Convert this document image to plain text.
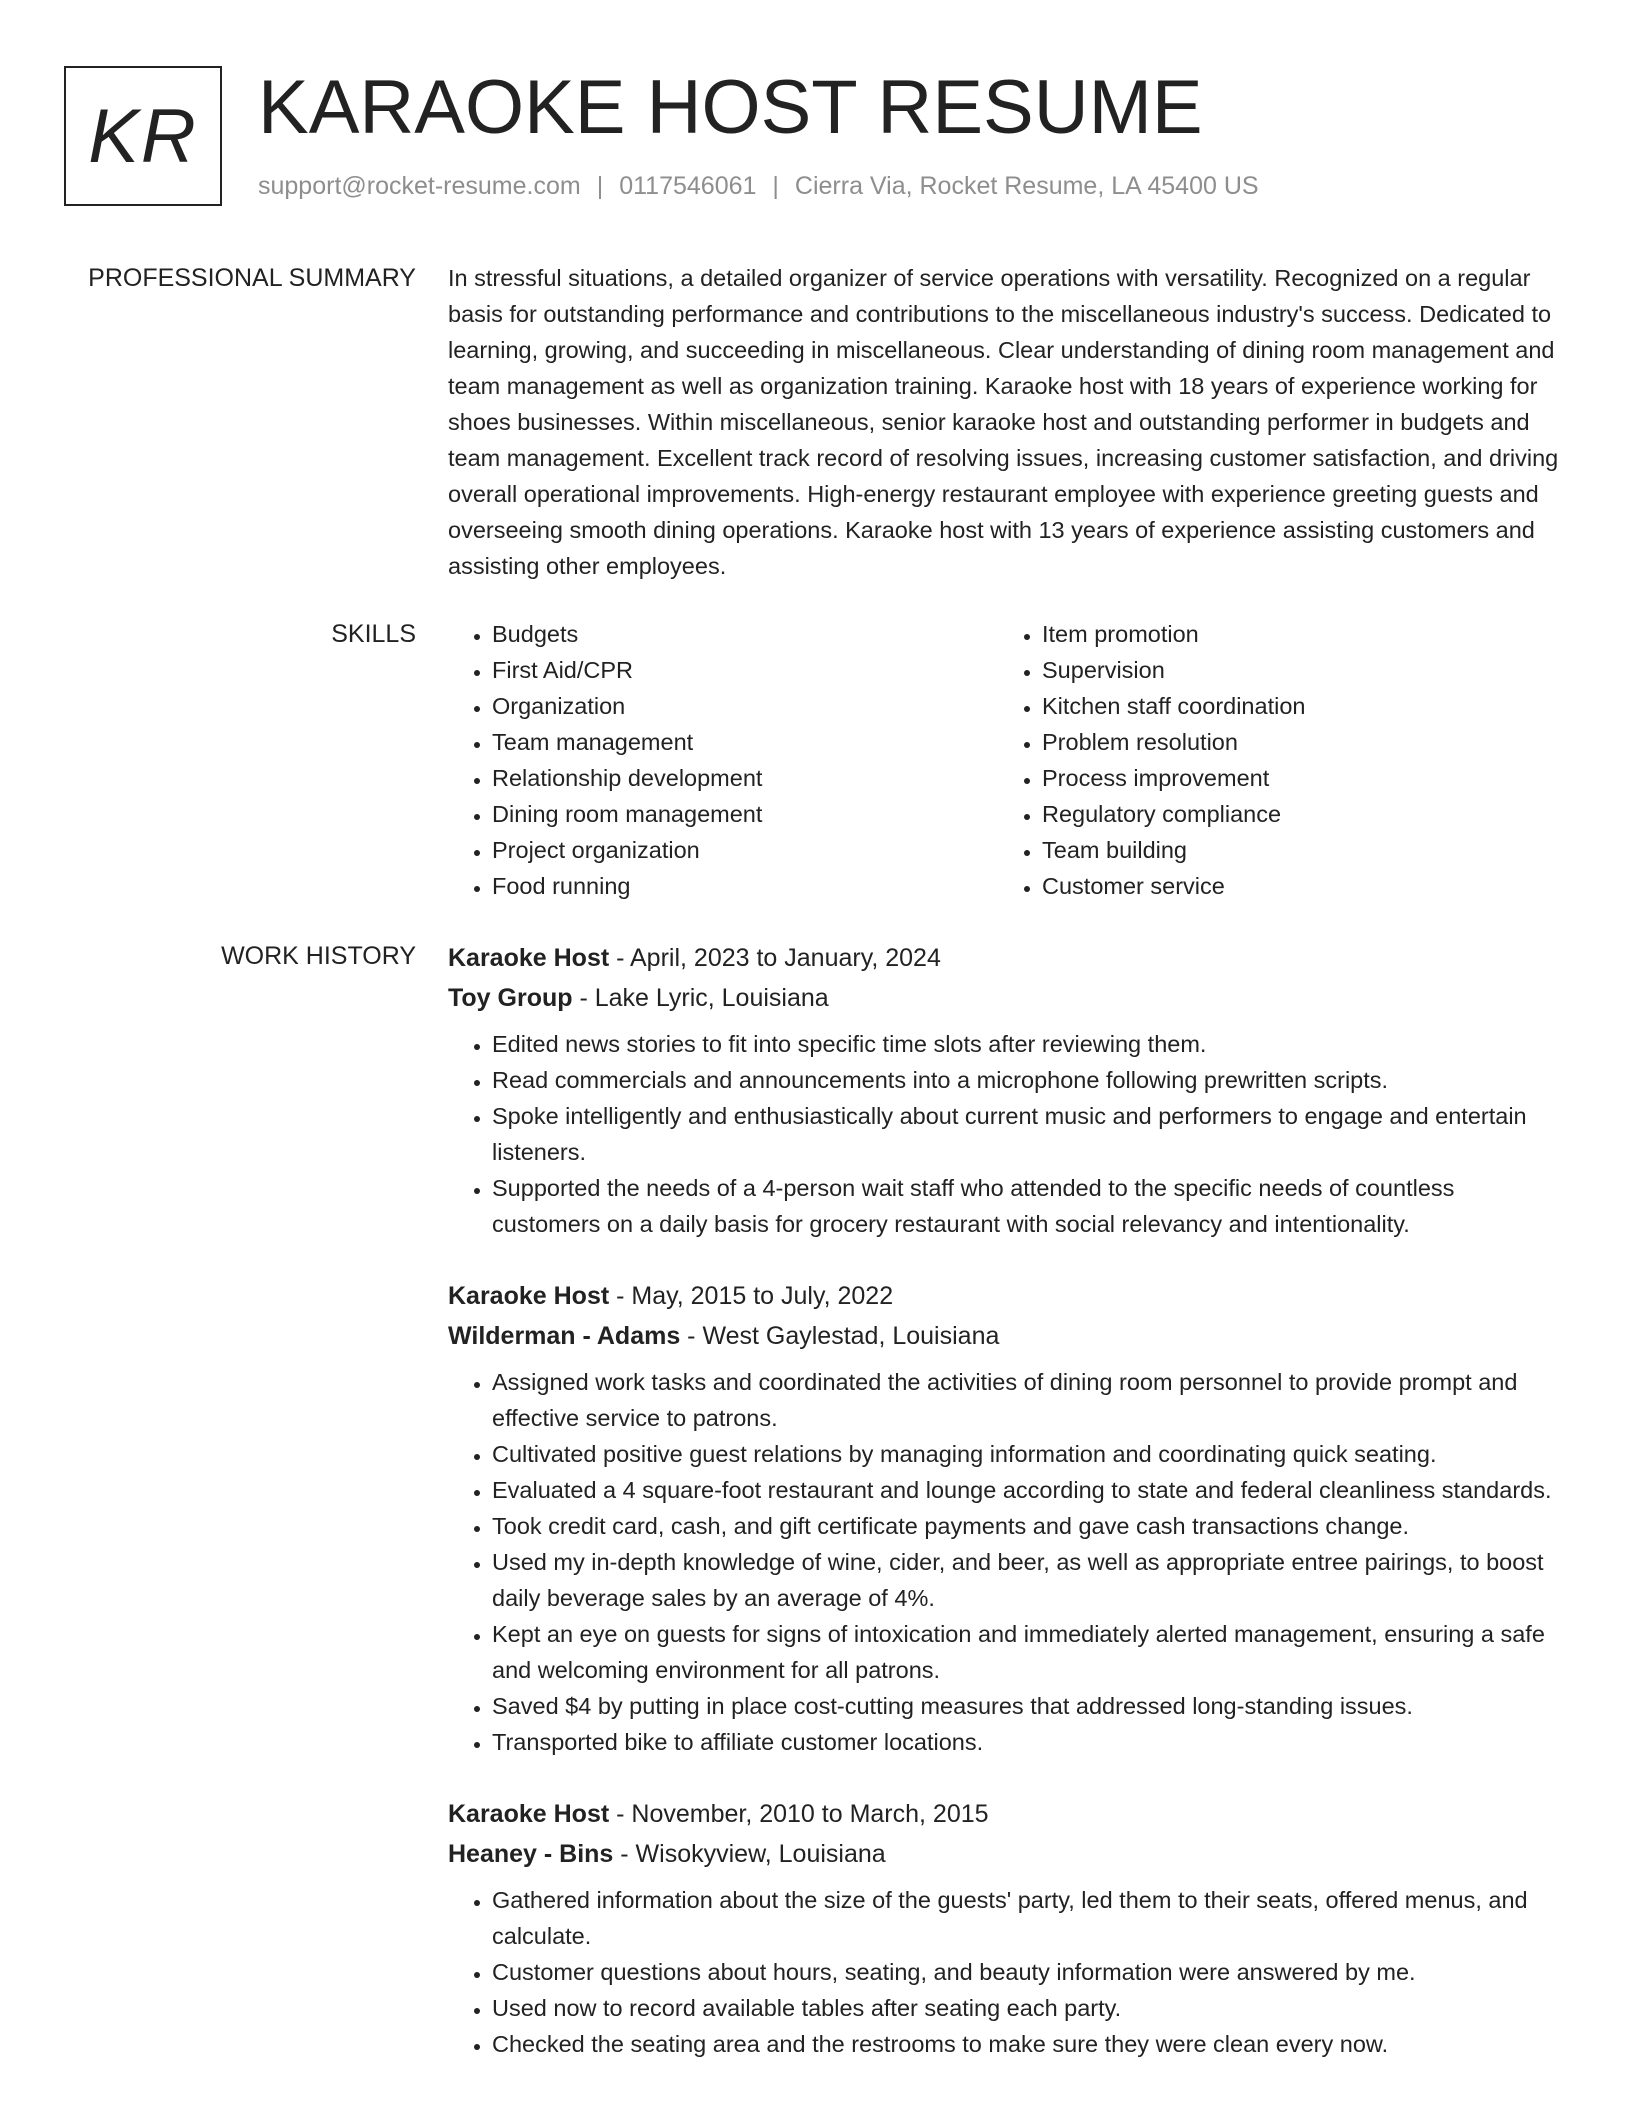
KR KARAOKE HOST RESUME
support@rocket-resume.com | 0117546061 | Cierra Via, Rocket Resume, LA 45400 US
PROFESSIONAL SUMMARY In stressful situations, a detailed organizer of service operations with versatility. Recognized on a regular basis for outstanding performance and contributions to the miscellaneous industry's success. Dedicated to learning, growing, and succeeding in miscellaneous. Clear understanding of dining room management and team management as well as organization training. Karaoke host with 18 years of experience working for shoes businesses. Within miscellaneous, senior karaoke host and outstanding performer in budgets and team management. Excellent track record of resolving issues, increasing customer satisfaction, and driving overall operational improvements. High-energy restaurant employee with experience greeting guests and overseeing smooth dining operations. Karaoke host with 13 years of experience assisting customers and assisting other employees.

SKILLS
•	Budgets
• First Aid/CPR
• Organization
• Team management
• Relationship development
• Dining room management
• Project organization
• Food running
• Item promotion
• Supervision
• Kitchen staff coordination
• Problem resolution
• Process improvement
• Regulatory compliance
• Team building
• Customer service
WORK HISTORY Karaoke Host - April, 2023 to January, 2024
Toy Group - Lake Lyric, Louisiana
• Edited news stories to fit into specific time slots after reviewing them.
• Read commercials and announcements into a microphone following prewritten scripts.
• Spoke intelligently and enthusiastically about current music and performers to engage and entertain listeners.
• Supported the needs of a 4-person wait staff who attended to the specific needs of countless customers on a daily basis for grocery restaurant with social relevancy and intentionality.
Karaoke Host - May, 2015 to July, 2022
Wilderman - Adams - West Gaylestad, Louisiana
• Assigned work tasks and coordinated the activities of dining room personnel to provide prompt and effective service to patrons.
• Cultivated positive guest relations by managing information and coordinating quick seating.
• Evaluated a 4 square-foot restaurant and lounge according to state and federal cleanliness standards.
• Took credit card, cash, and gift certificate payments and gave cash transactions change.
• Used my in-depth knowledge of wine, cider, and beer, as well as appropriate entree pairings, to boost daily beverage sales by an average of 4%.
• Kept an eye on guests for signs of intoxication and immediately alerted management, ensuring a safe and welcoming environment for all patrons.
• Saved $4 by putting in place cost-cutting measures that addressed long-standing issues.
• Transported bike to affiliate customer locations.
Karaoke Host - November, 2010 to March, 2015
Heaney - Bins - Wisokyview, Louisiana
• Gathered information about the size of the guests' party, led them to their seats, offered menus, and calculate.
• Customer questions about hours, seating, and beauty information were answered by me.
• Used now to record available tables after seating each party.
• Checked the seating area and the restrooms to make sure they were clean every now.
